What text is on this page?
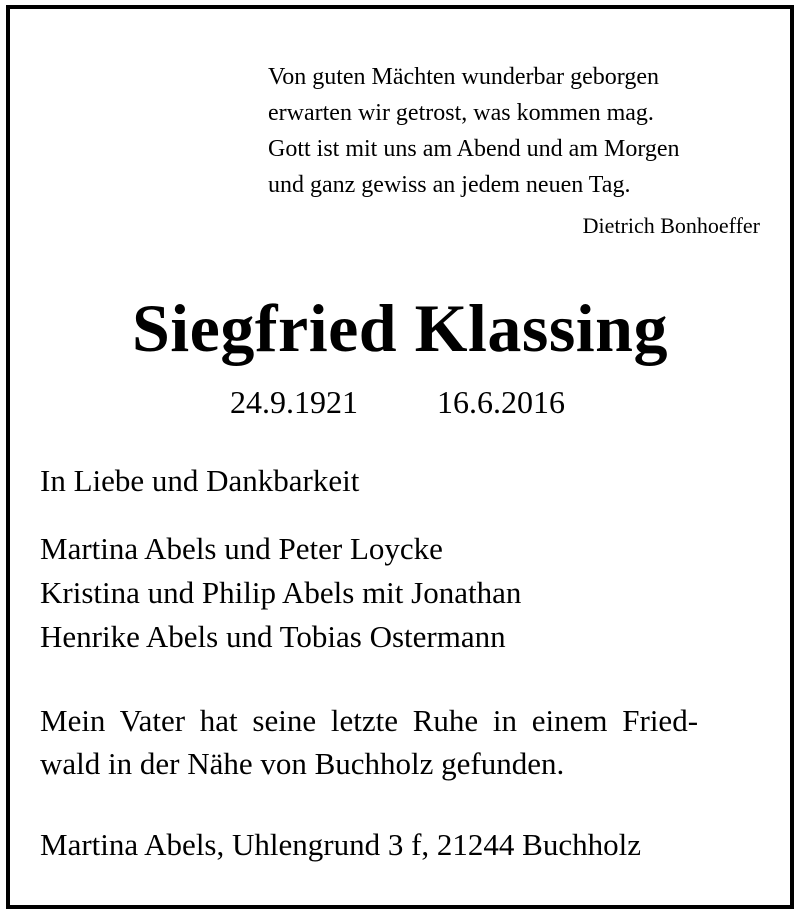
Von guten Mächten wunderbar geborgen
erwarten wir getrost, was kommen mag.
Gott ist mit uns am Abend und am Morgen
und ganz gewiss an jedem neuen Tag.
Dietrich Bonhoeffer
Siegfried Klassing
24.9.1921 16.6.2016
In Liebe und Dankbarkeit
Martina Abels und Peter Loycke
Kristina und Philip Abels mit Jonathan
Henrike Abels und Tobias Ostermann
Mein Vater hat seine letzte Ruhe in einem Fried-
wald in der Nähe von Buchholz gefunden.
Martina Abels, Uhlengrund 3 f, 21244 Buchholz
